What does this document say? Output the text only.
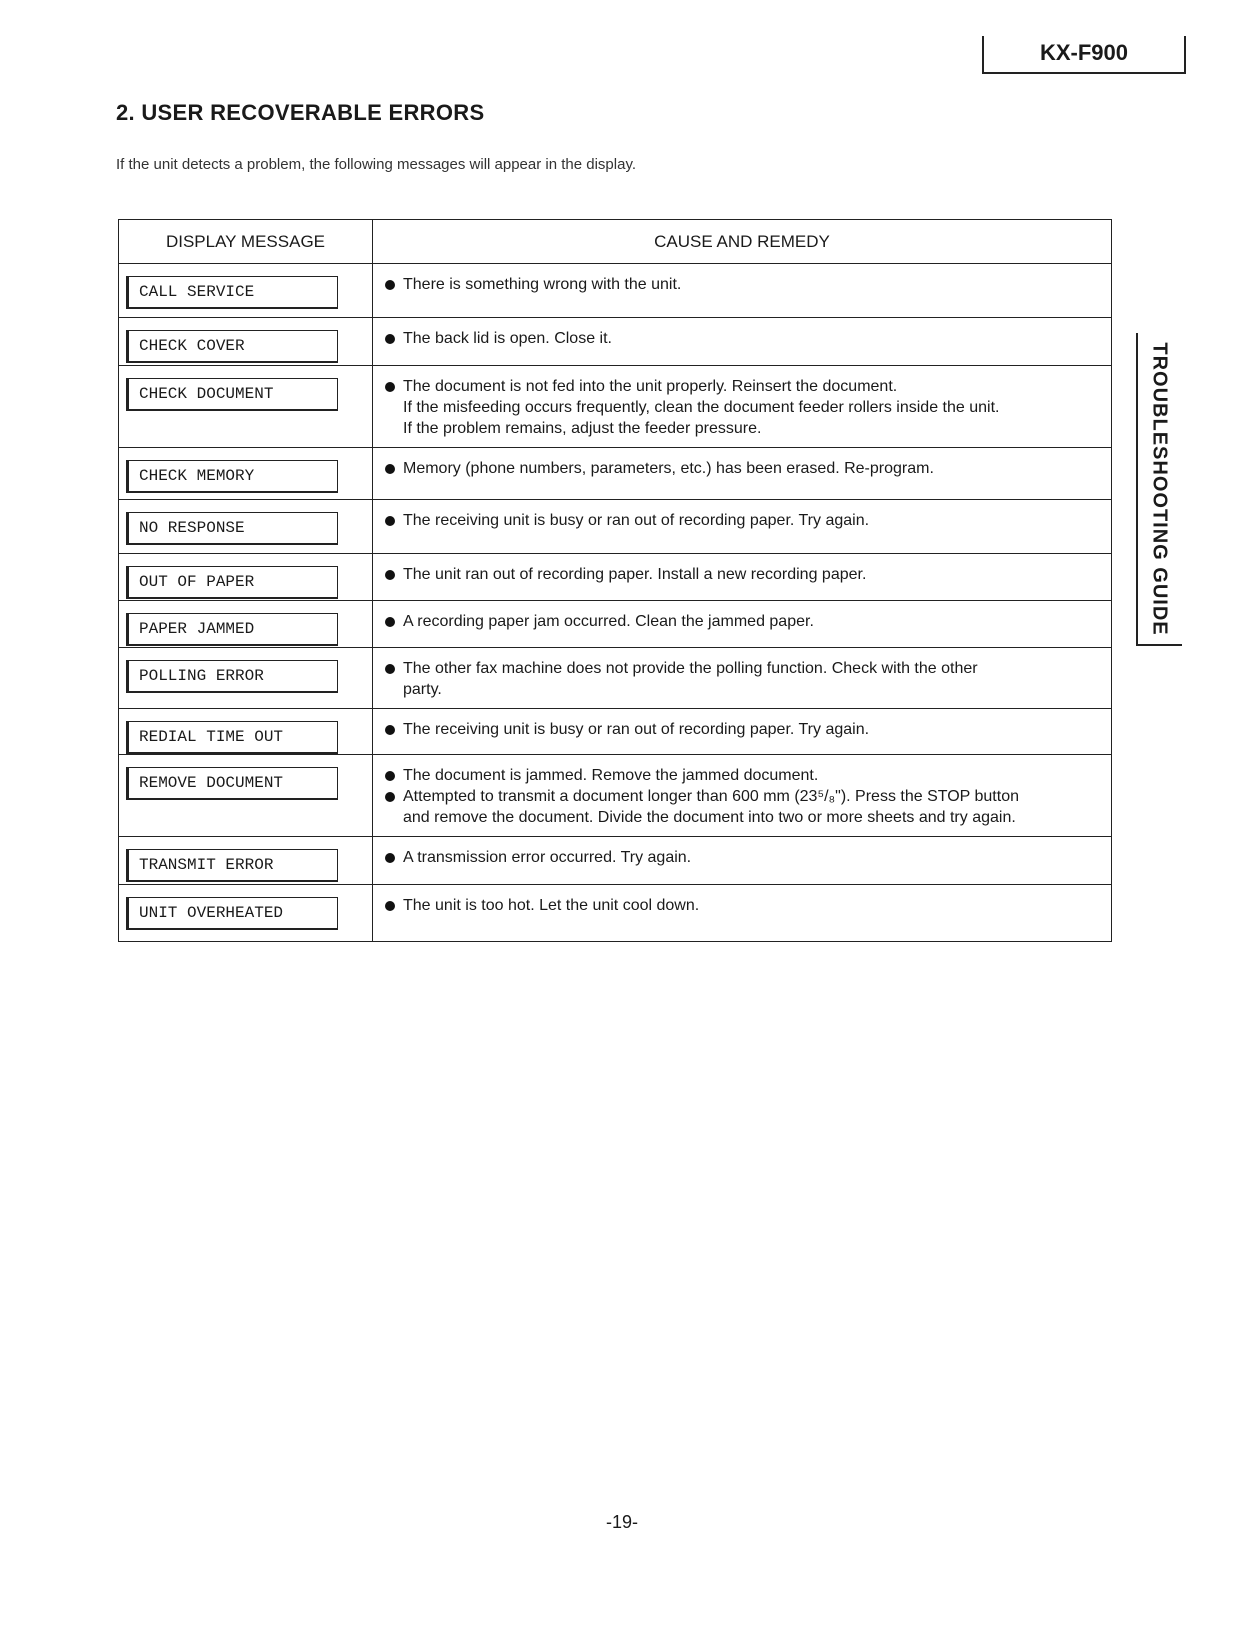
KX-F900
2. USER RECOVERABLE ERRORS
If the unit detects a problem, the following messages will appear in the display.
DISPLAY MESSAGE	CAUSE AND REMEDY

CALL SERVICE	There is something wrong with the unit.

CHECK COVER	The back lid is open. Close it.

CHECK DOCUMENT	The document is not fed into the unit properly. Reinsert the document.
If the misfeeding occurs frequently, clean the document feeder rollers inside the unit.
If the problem remains, adjust the feeder pressure.

CHECK MEMORY	Memory (phone numbers, parameters, etc.) has been erased. Re-program.

NO RESPONSE	The receiving unit is busy or ran out of recording paper. Try again.

OUT OF PAPER	The unit ran out of recording paper. Install a new recording paper.

PAPER JAMMED	A recording paper jam occurred. Clean the jammed paper.

POLLING ERROR	The other fax machine does not provide the polling function. Check with the other
party.

REDIAL TIME OUT	The receiving unit is busy or ran out of recording paper. Try again.

REMOVE DOCUMENT	The document is jammed. Remove the jammed document.
Attempted to transmit a document longer than 600 mm (23⁵/₈"). Press the STOP button
and remove the document. Divide the document into two or more sheets and try again.

TRANSMIT ERROR	A transmission error occurred. Try again.

UNIT OVERHEATED	The unit is too hot. Let the unit cool down.
TROUBLESHOOTING GUIDE
-19-
